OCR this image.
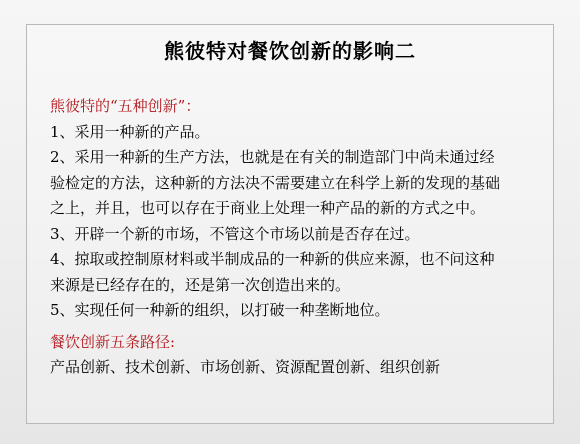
熊彼特对餐饮创新的影响二
熊彼特的“五种创新”：
1、采用一种新的产品。
2、采用一种新的生产方法，也就是在有关的制造部门中尚未通过经
验检定的方法，这种新的方法决不需要建立在科学上新的发现的基础
之上，并且，也可以存在于商业上处理一种产品的新的方式之中。
3、开辟一个新的市场，不管这个市场以前是否存在过。
4、掠取或控制原材料或半制成品的一种新的供应来源，也不问这种
来源是已经存在的，还是第一次创造出来的。
5、实现任何一种新的组织，以打破一种垄断地位。
餐饮创新五条路径:
产品创新、技术创新、市场创新、资源配置创新、组织创新
